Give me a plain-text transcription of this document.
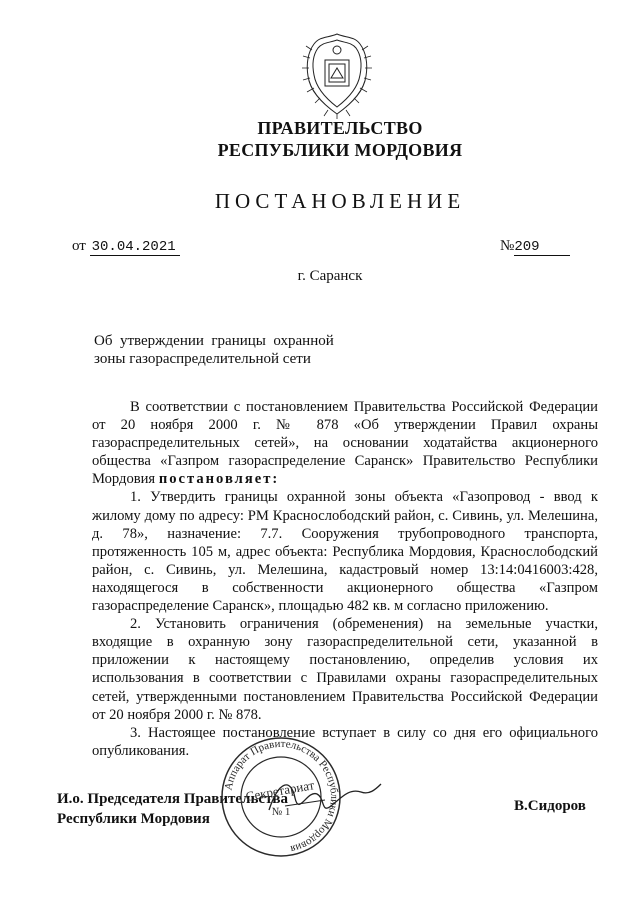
ПРАВИТЕЛЬСТВО
РЕСПУБЛИКИ МОРДОВИЯ
ПОСТАНОВЛЕНИЕ
от 30.04.2021	№209
г. Саранск
Об  утверждении  границы  охранной
зоны газораспределительной сети

В соответствии с постановлением Правительства Российской Федерации от 20 ноября 2000 г. № 878 «Об утверждении Правил охраны газораспределительных сетей», на основании ходатайства акционерного общества «Газпром газораспределение Саранск» Правительство Республики Мордовия постановляет:

1. Утвердить границы охранной зоны объекта «Газопровод - ввод к жилому дому по адресу: РМ Краснослободский район, с. Сивинь, ул. Мелешина, д. 78», назначение: 7.7. Сооружения трубопроводного транспорта, протяженность 105 м, адрес объекта: Республика Мордовия, Краснослободский район, с. Сивинь, ул. Мелешина, кадастровый номер 13:14:0416003:428, находящегося в собственности акционерного общества «Газпром газораспределение Саранск», площадью 482 кв. м согласно приложению.

2. Установить ограничения (обременения) на земельные участки, входящие в охранную зону газораспределительной сети, указанной в приложении к настоящему постановлению, определив условия их использования в соответствии с Правилами охраны газораспределительных сетей, утвержденными постановлением Правительства Российской Федерации от 20 ноября 2000 г. № 878.

3. Настоящее постановление вступает в силу со дня его официального опубликования.

И.о. Председателя Правительства
Республики Мордовия
В.Сидоров
Аппарат Правительства Республики Мордовия
Секретариат
№ 1
